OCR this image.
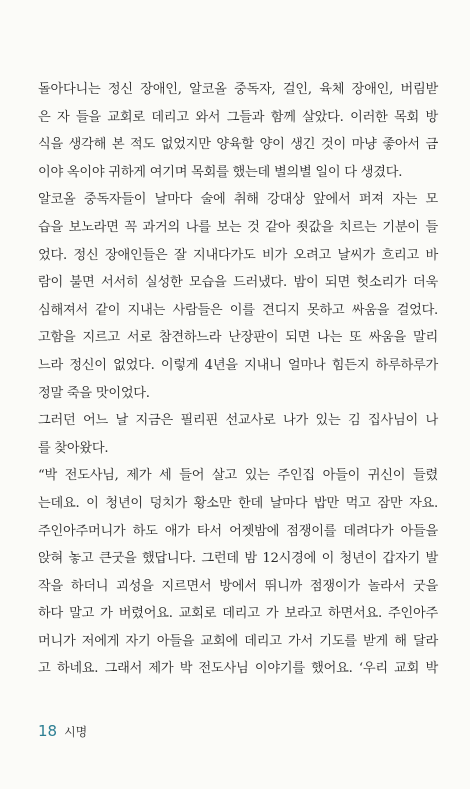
돌아다니는 정신 장애인, 알코올 중독자, 걸인, 육체 장애인, 버림받
은 자 들을 교회로 데리고 와서 그들과 함께 살았다. 이러한 목회 방
식을 생각해 본 적도 없었지만 양육할 양이 생긴 것이 마냥 좋아서 금
이야 옥이야 귀하게 여기며 목회를 했는데 별의별 일이 다 생겼다.
알코올 중독자들이 날마다 술에 취해 강대상 앞에서 퍼져 자는 모
습을 보노라면 꼭 과거의 나를 보는 것 같아 죗값을 치르는 기분이 들
었다. 정신 장애인들은 잘 지내다가도 비가 오려고 날씨가 흐리고 바
람이 불면 서서히 실성한 모습을 드러냈다. 밤이 되면 헛소리가 더욱
심해져서 같이 지내는 사람들은 이를 견디지 못하고 싸움을 걸었다.
고함을 지르고 서로 참견하느라 난장판이 되면 나는 또 싸움을 말리
느라 정신이 없었다. 이렇게 4년을 지내니 얼마나 힘든지 하루하루가
정말 죽을 맛이었다.
그러던 어느 날 지금은 필리핀 선교사로 나가 있는 김 집사님이 나
를 찾아왔다.
“박 전도사님, 제가 세 들어 살고 있는 주인집 아들이 귀신이 들렸
는데요. 이 청년이 덩치가 황소만 한데 날마다 밥만 먹고 잠만 자요.
주인아주머니가 하도 애가 타서 어젯밤에 점쟁이를 데려다가 아들을
앉혀 놓고 큰굿을 했답니다. 그런데 밤 12시경에 이 청년이 갑자기 발
작을 하더니 괴성을 지르면서 방에서 뛰니까 점쟁이가 놀라서 굿을
하다 말고 가 버렸어요. 교회로 데리고 가 보라고 하면서요. 주인아주
머니가 저에게 자기 아들을 교회에 데리고 가서 기도를 받게 해 달라
고 하네요. 그래서 제가 박 전도사님 이야기를 했어요. ‘우리 교회 박
18 시명
